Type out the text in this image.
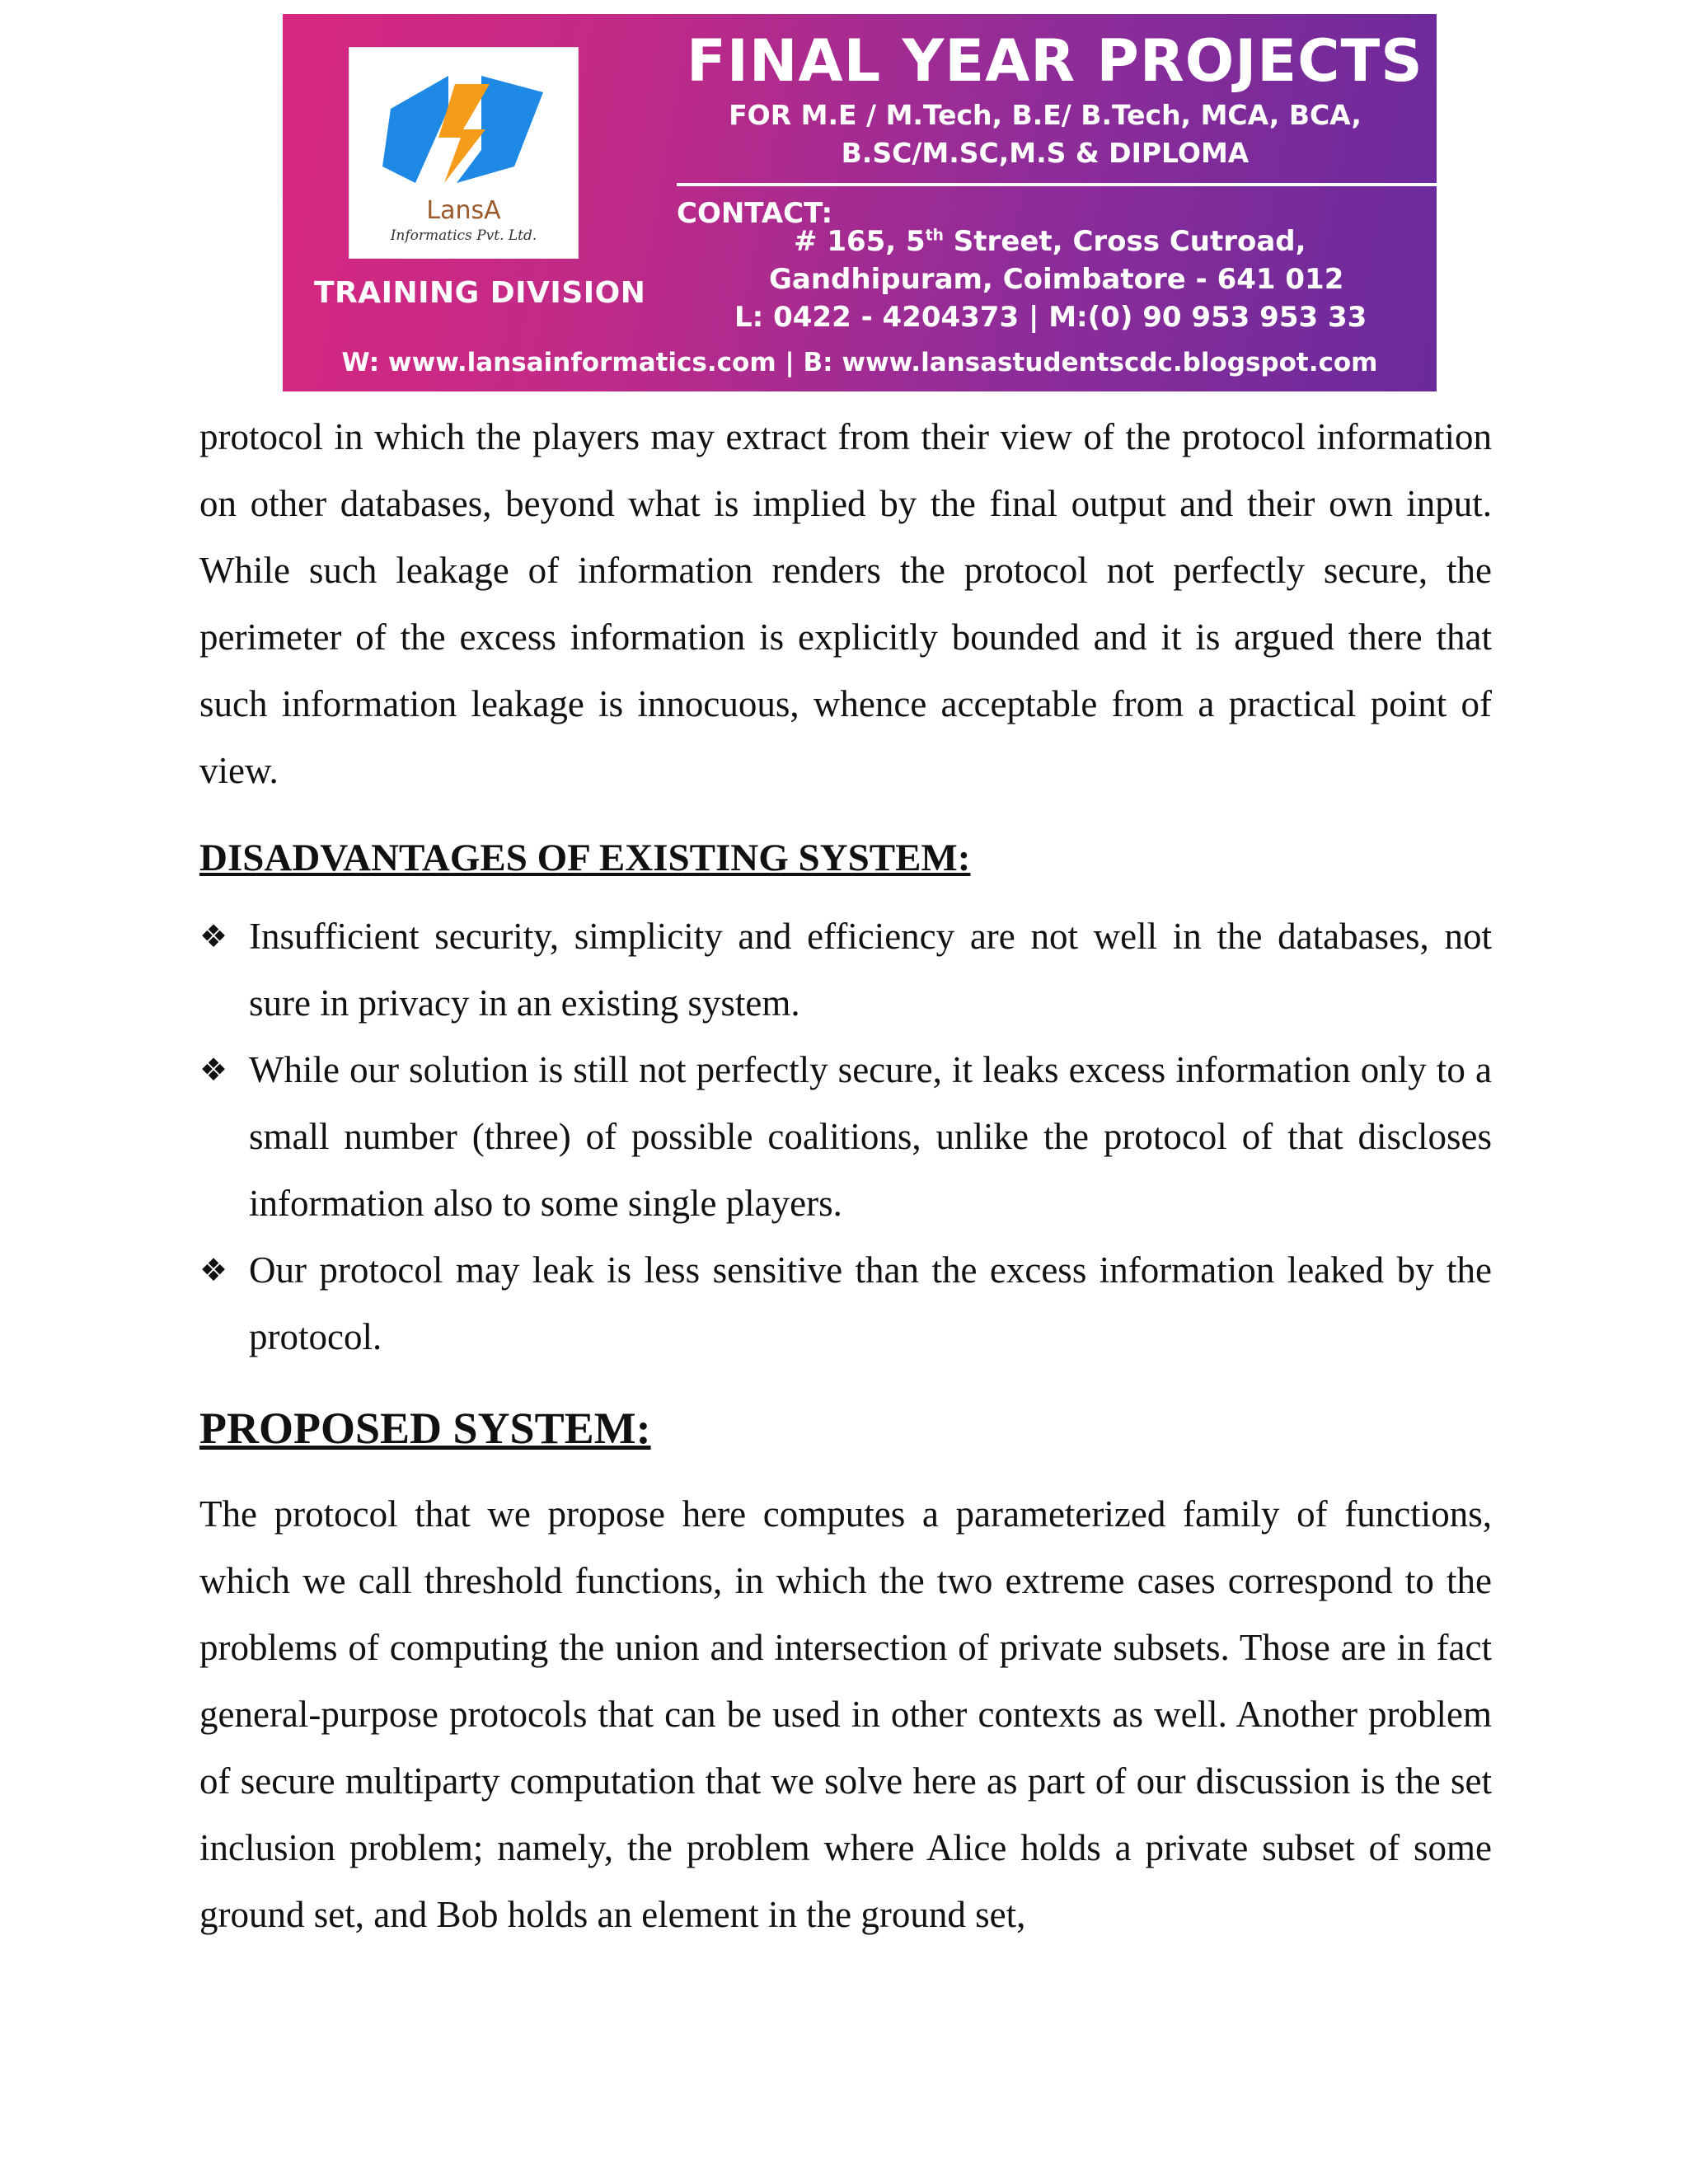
LansA
Informatics Pvt. Ltd.
TRAINING DIVISION
FINAL YEAR PROJECTS
FOR M.E / M.Tech, B.E/ B.Tech, MCA, BCA,
B.SC/M.SC,M.S & DIPLOMA
CONTACT:
# 165, 5th Street, Cross Cutroad,
Gandhipuram, Coimbatore - 641 012
L: 0422 - 4204373 | M:(0) 90 953 953 33
W: www.lansainformatics.com | B: www.lansastudentscdc.blogspot.com

protocol in which the players may extract from their view of the protocol information on other databases, beyond what is implied by the final output and their own input. While such leakage of information renders the protocol not perfectly secure, the perimeter of the excess information is explicitly bounded and it is argued there that such information leakage is innocuous, whence acceptable from a practical point of view.

DISADVANTAGES OF EXISTING SYSTEM:
❖ Insufficient security, simplicity and efficiency are not well in the databases, not sure in privacy in an existing system.
❖ While our solution is still not perfectly secure, it leaks excess information only to a small number (three) of possible coalitions, unlike the protocol of that discloses information also to some single players.
❖ Our protocol may leak is less sensitive than the excess information leaked by the protocol.
PROPOSED SYSTEM:

The protocol that we propose here computes a parameterized family of functions, which we call threshold functions, in which the two extreme cases correspond to the problems of computing the union and intersection of private subsets. Those are in fact general-purpose protocols that can be used in other contexts as well. Another problem of secure multiparty computation that we solve here as part of our discussion is the set inclusion problem; namely, the problem where Alice holds a private subset of some ground set, and Bob holds an element in the ground set,
